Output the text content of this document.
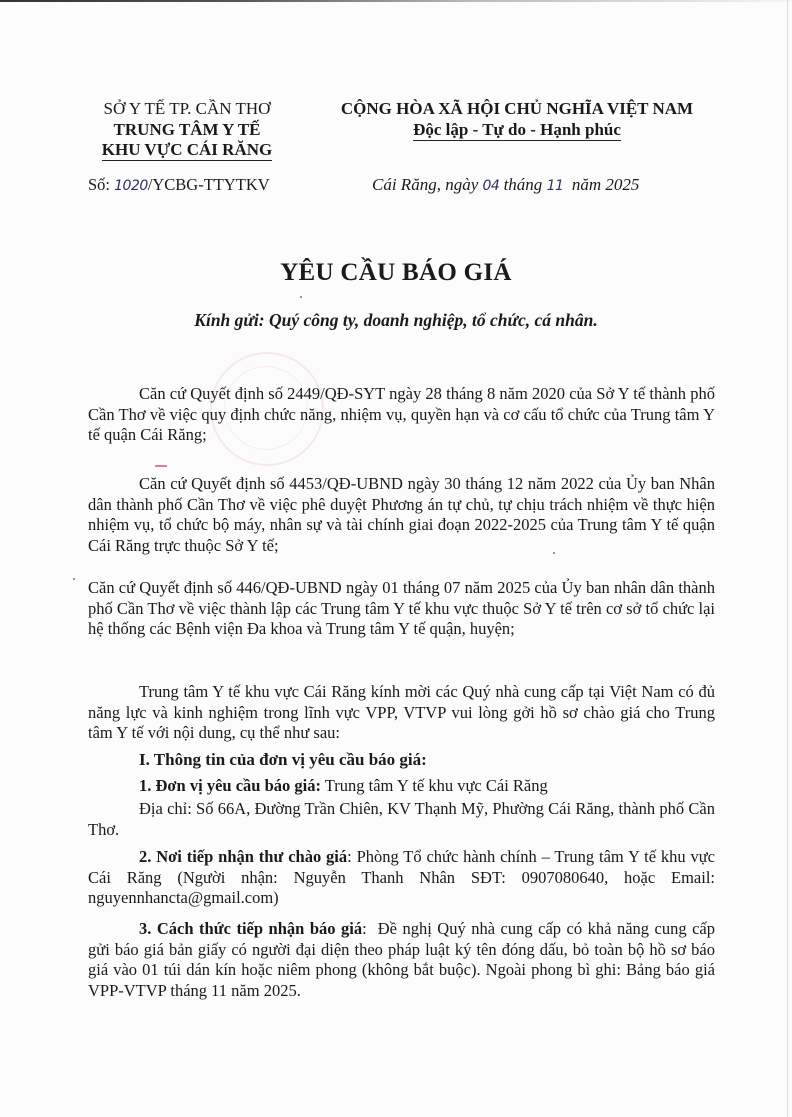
SỞ Y TẾ TP. CẦN THƠ
TRUNG TÂM Y TẾ
KHU VỰC CÁI RĂNG
Số: 1020/YCBG-TTYTKV
CỘNG HÒA XÃ HỘI CHỦ NGHĨA VIỆT NAM
Độc lập - Tự do - Hạnh phúc
Cái Răng, ngày 04 tháng 11  năm 2025
YÊU CẦU BÁO GIÁ
Kính gửi: Quý công ty, doanh nghiệp, tổ chức, cá nhân.
Căn cứ Quyết định số 2449/QĐ-SYT ngày 28 tháng 8 năm 2020 của Sở Y tế thành phố Cần Thơ về việc quy định chức năng, nhiệm vụ, quyền hạn và cơ cấu tổ chức của Trung tâm Y tế quận Cái Răng;
Căn cứ Quyết định số 4453/QĐ-UBND ngày 30 tháng 12 năm 2022 của Ủy ban Nhân dân thành phố Cần Thơ về việc phê duyệt Phương án tự chủ, tự chịu trách nhiệm về thực hiện nhiệm vụ, tổ chức bộ máy, nhân sự và tài chính giai đoạn 2022-2025 của Trung tâm Y tế quận Cái Răng trực thuộc Sở Y tế;
Căn cứ Quyết định số 446/QĐ-UBND ngày 01 tháng 07 năm 2025 của Ủy ban nhân dân thành phố Cần Thơ về việc thành lập các Trung tâm Y tế khu vực thuộc Sở Y tế trên cơ sở tổ chức lại hệ thống các Bệnh viện Đa khoa và Trung tâm Y tế quận, huyện;
Trung tâm Y tế khu vực Cái Răng kính mời các Quý nhà cung cấp tại Việt Nam có đủ năng lực và kinh nghiệm trong lĩnh vực VPP, VTVP vui lòng gởi hồ sơ chào giá cho Trung tâm Y tế với nội dung, cụ thể như sau:
I. Thông tin của đơn vị yêu cầu báo giá:
1. Đơn vị yêu cầu báo giá: Trung tâm Y tế khu vực Cái Răng
Địa chỉ: Số 66A, Đường Trần Chiên, KV Thạnh Mỹ, Phường Cái Răng, thành phố Cần Thơ.
2. Nơi tiếp nhận thư chào giá: Phòng Tổ chức hành chính – Trung tâm Y tế khu vực Cái Răng (Người nhận: Nguyễn Thanh Nhân SĐT: 0907080640, hoặc Email: nguyennhancta@gmail.com)
3. Cách thức tiếp nhận báo giá:  Đề nghị Quý nhà cung cấp có khả năng cung cấp gửi báo giá bản giấy có người đại diện theo pháp luật ký tên đóng dấu, bỏ toàn bộ hồ sơ báo giá vào 01 túi dán kín hoặc niêm phong (không bắt buộc). Ngoài phong bì ghi: Bảng báo giá VPP-VTVP tháng 11 năm 2025.
